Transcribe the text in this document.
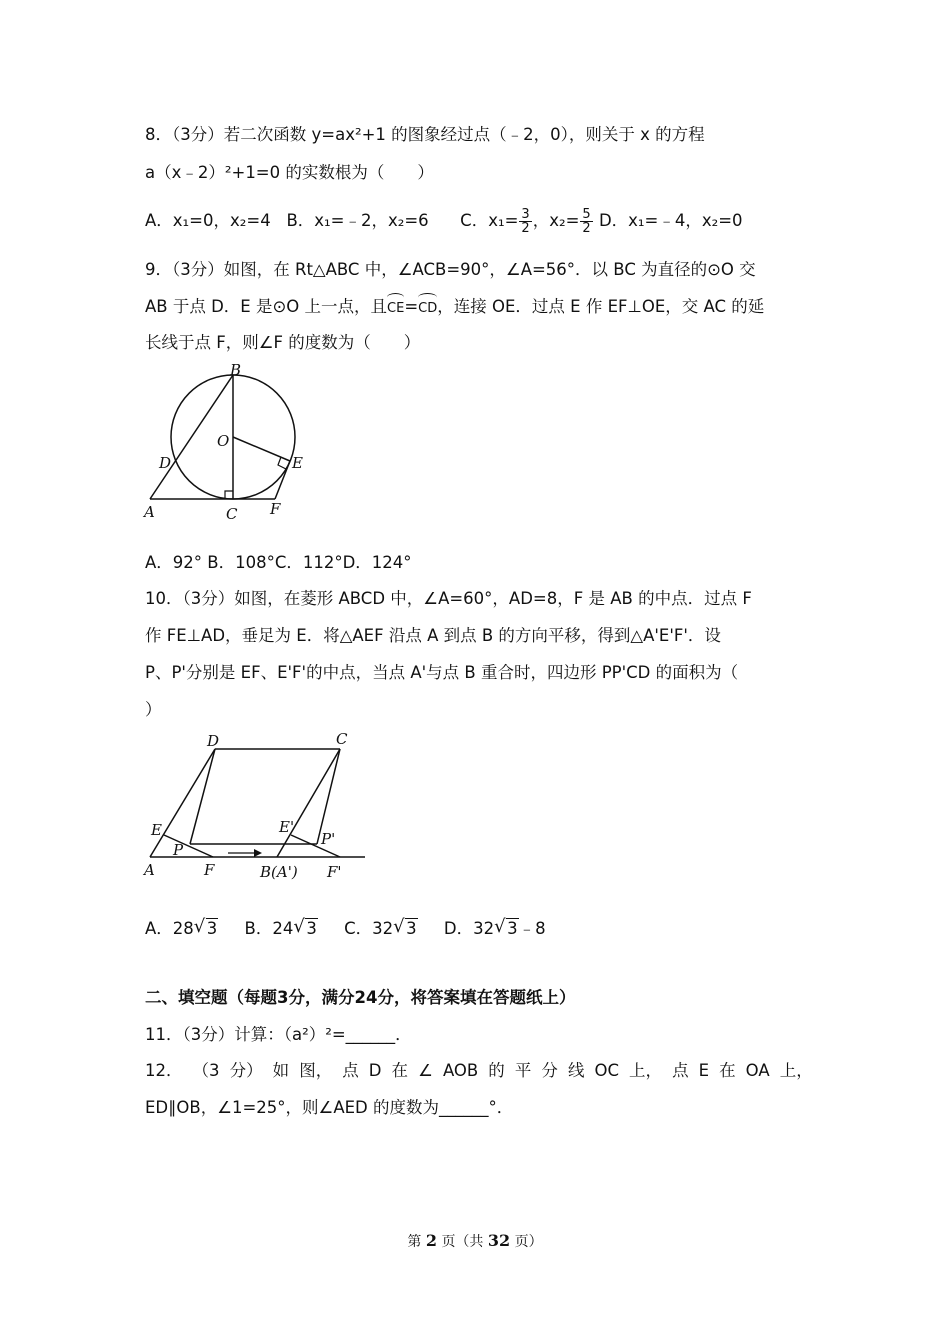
8．（3分）若二次函数 y=ax²+1 的图象经过点（﹣2，0），则关于 x 的方程
a（x﹣2）²+1=0 的实数根为（　　）
A．x₁=0，x₂=4 B．x₁=﹣2，x₂=6 C．$x_1= \frac{3}{2}$ ，$x_2= \frac{5}{2}$ D．x₁=﹣4，x₂=0
9．（3分）如图，在 Rt△ABC 中，∠ACB=90°，∠A=56°．以 BC 为直径的⊙O 交
AB 于点 D．E 是⊙O 上一点，且CE=CD，连接 OE．过点 E 作 EF⊥OE，交 AC 的延
长线于点 F，则∠F 的度数为（　　）
B
O
D	E
A	C F
A．92° B．108°C．112°D．124°
10．（3分）如图，在菱形 ABCD 中，∠A=60°，AD=8，F 是 AB 的中点．过点 F
作 FE⊥AD，垂足为 E．将△AEF 沿点 A 到点 B 的方向平移，得到△A'E'F'．设
P、P'分别是 EF、E'F'的中点，当点 A'与点 B 重合时，四边形 PP'CD 的面积为（
）
D	C
E	E'
P
P'
A	F	B(A') F'
A．28 √ 3 B．24 √ 3 C．32 √ 3 D．32 √ 3﹣8
二、填空题（每题3分，满分24分，将答案填在答题纸上）
11．（3分）计算：（a²）²=______．
12． （3 分） 如 图， 点 D 在 ∠ AOB 的 平 分 线 OC 上， 点 E 在 OA 上，
ED∥OB，∠1=25°，则∠AED 的度数为______°．
第 2 页（共 32 页）
